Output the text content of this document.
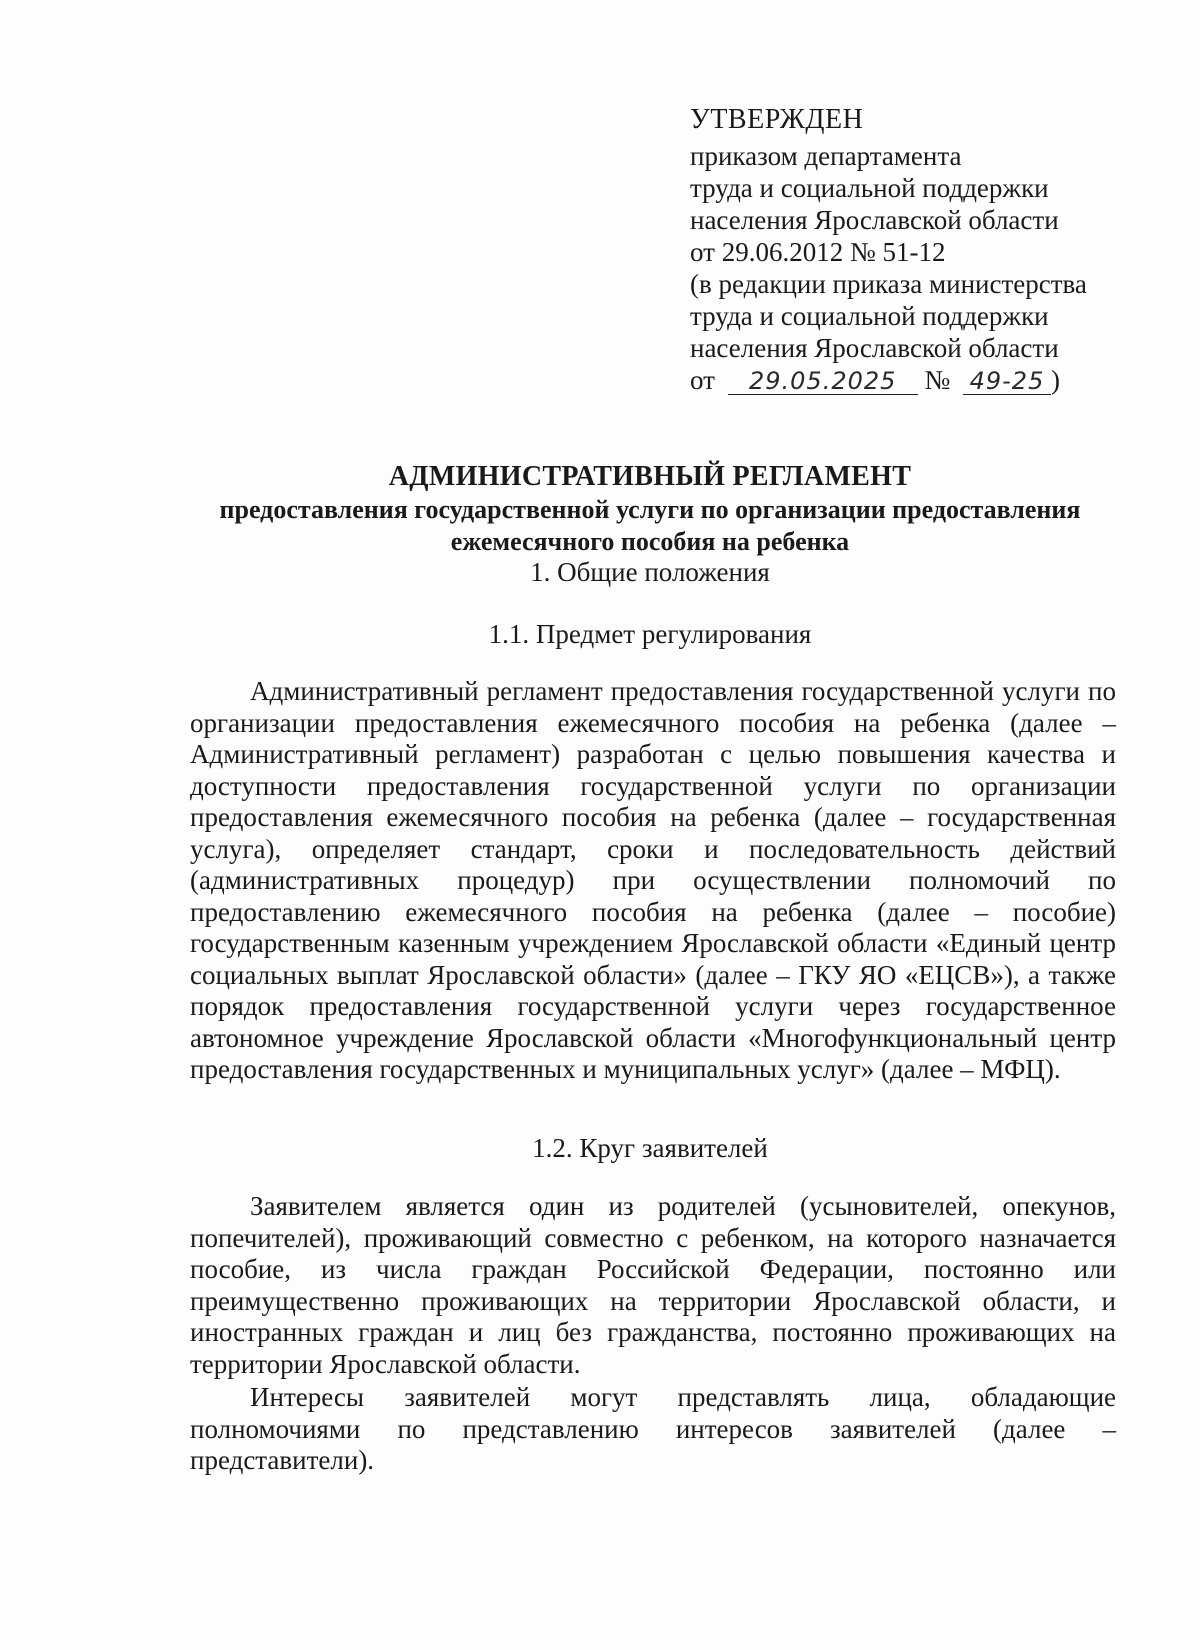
УТВЕРЖДЕН
приказом департамента
труда и социальной поддержки
населения Ярославской области
от 29.06.2012 № 51-12
(в редакции приказа министерства
труда и социальной поддержки
населения Ярославской области
от 29.05.2025 № 49-25 )
АДМИНИСТРАТИВНЫЙ РЕГЛАМЕНТ
предоставления государственной услуги по организации предоставления
ежемесячного пособия на ребенка
1. Общие положения
1.1. Предмет регулирования

Административный регламент предоставления государственной услуги по организации предоставления ежемесячного пособия на ребенка (далее – Административный регламент) разработан с целью повышения качества и доступности предоставления государственной услуги по организации предоставления ежемесячного пособия на ребенка (далее – государственная услуга), определяет стандарт, сроки и последовательность действий (административных процедур) при осуществлении полномочий по предоставлению ежемесячного пособия на ребенка (далее – пособие) государственным казенным учреждением Ярославской области «Единый центр социальных выплат Ярославской области» (далее – ГКУ ЯО «ЕЦСВ»), а также порядок предоставления государственной услуги через государственное автономное учреждение Ярославской области «Многофункциональный центр предоставления государственных и муниципальных услуг» (далее – МФЦ).

1.2. Круг заявителей

Заявителем является один из родителей (усыновителей, опекунов, попечителей), проживающий совместно с ребенком, на которого назначается пособие, из числа граждан Российской Федерации, постоянно или преимущественно проживающих на территории Ярославской области, и иностранных граждан и лиц без гражданства, постоянно проживающих на территории Ярославской области.

Интересы заявителей могут представлять лица, обладающие полномочиями по представлению интересов заявителей (далее – представители).
